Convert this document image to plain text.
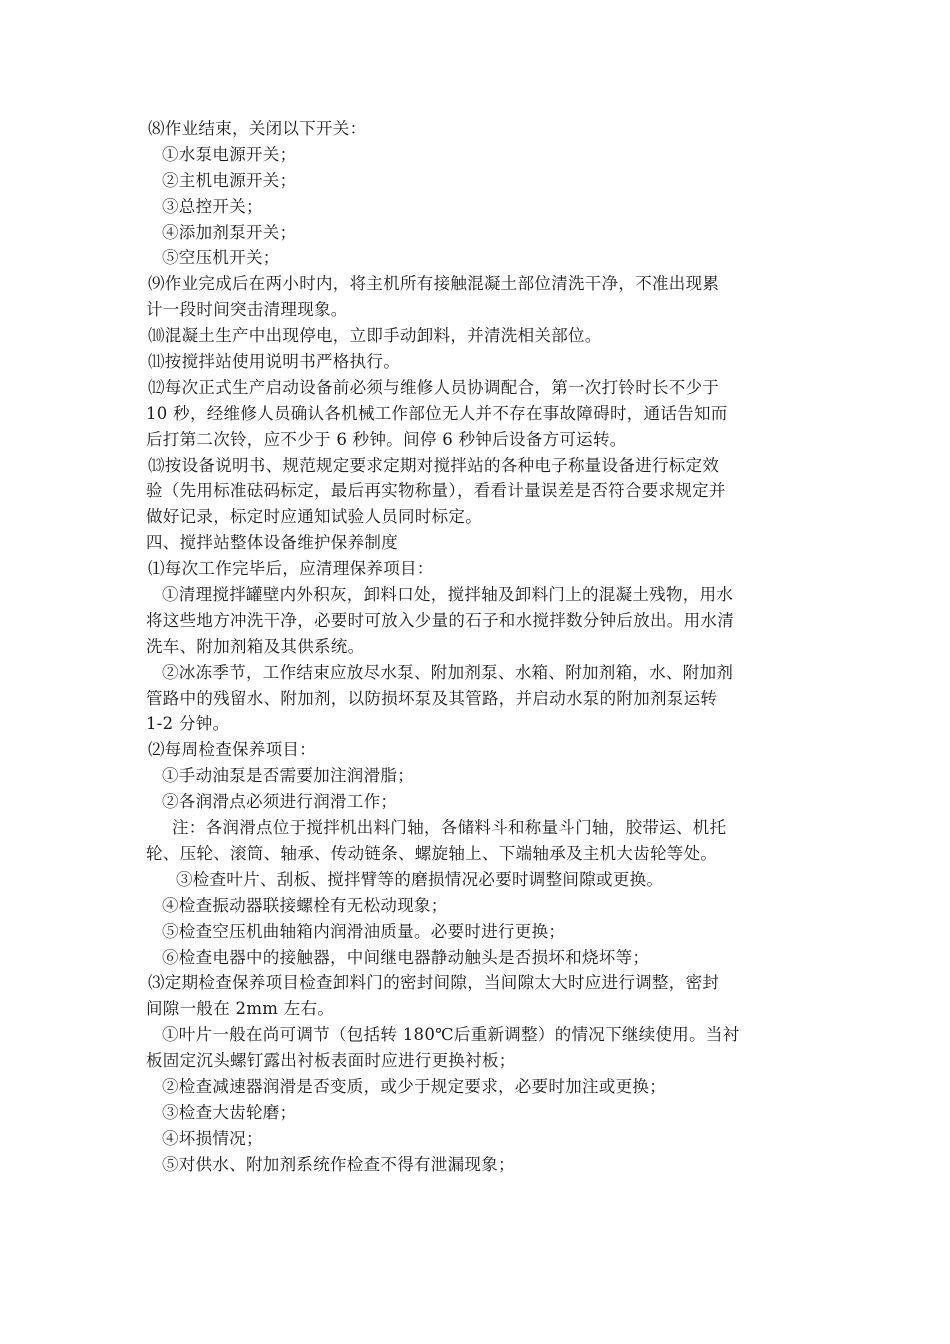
⑻作业结束，关闭以下开关：
①水泵电源开关；
②主机电源开关；
③总控开关；
④添加剂泵开关；
⑤空压机开关；
⑼作业完成后在两小时内，将主机所有接触混凝土部位清洗干净，不准出现累
计一段时间突击清理现象。
⑽混凝土生产中出现停电，立即手动卸料，并清洗相关部位。
⑾按搅拌站使用说明书严格执行。
⑿每次正式生产启动设备前必须与维修人员协调配合，第一次打铃时长不少于
10 秒，经维修人员确认各机械工作部位无人并不存在事故障碍时，通话告知而
后打第二次铃，应不少于 6 秒钟。间停 6 秒钟后设备方可运转。
⒀按设备说明书、规范规定要求定期对搅拌站的各种电子称量设备进行标定效
验（先用标准砝码标定，最后再实物称量），看看计量误差是否符合要求规定并
做好记录，标定时应通知试验人员同时标定。
四、搅拌站整体设备维护保养制度
⑴每次工作完毕后，应清理保养项目：
①清理搅拌罐壁内外积灰，卸料口处，搅拌轴及卸料门上的混凝土残物，用水
将这些地方冲洗干净，必要时可放入少量的石子和水搅拌数分钟后放出。用水清
洗车、附加剂箱及其供系统。
②冰冻季节，工作结束应放尽水泵、附加剂泵、水箱、附加剂箱，水、附加剂
管路中的残留水、附加剂，以防损坏泵及其管路，并启动水泵的附加剂泵运转
1-2 分钟。
⑵每周检查保养项目：
①手动油泵是否需要加注润滑脂；
②各润滑点必须进行润滑工作；
注：各润滑点位于搅拌机出料门轴，各储料斗和称量斗门轴，胶带运、机托
轮、压轮、滚筒、轴承、传动链条、螺旋轴上、下端轴承及主机大齿轮等处。
③检查叶片、刮板、搅拌臂等的磨损情况必要时调整间隙或更换。
④检查振动器联接螺栓有无松动现象；
⑤检查空压机曲轴箱内润滑油质量。必要时进行更换；
⑥检查电器中的接触器，中间继电器静动触头是否损坏和烧坏等；
⑶定期检查保养项目检查卸料门的密封间隙，当间隙太大时应进行调整，密封
间隙一般在 2mm 左右。
①叶片一般在尚可调节（包括转 180℃后重新调整）的情况下继续使用。当衬
板固定沉头螺钉露出衬板表面时应进行更换衬板；
②检查减速器润滑是否变质，或少于规定要求，必要时加注或更换；
③检查大齿轮磨；
④坏损情况；
⑤对供水、附加剂系统作检查不得有泄漏现象；
